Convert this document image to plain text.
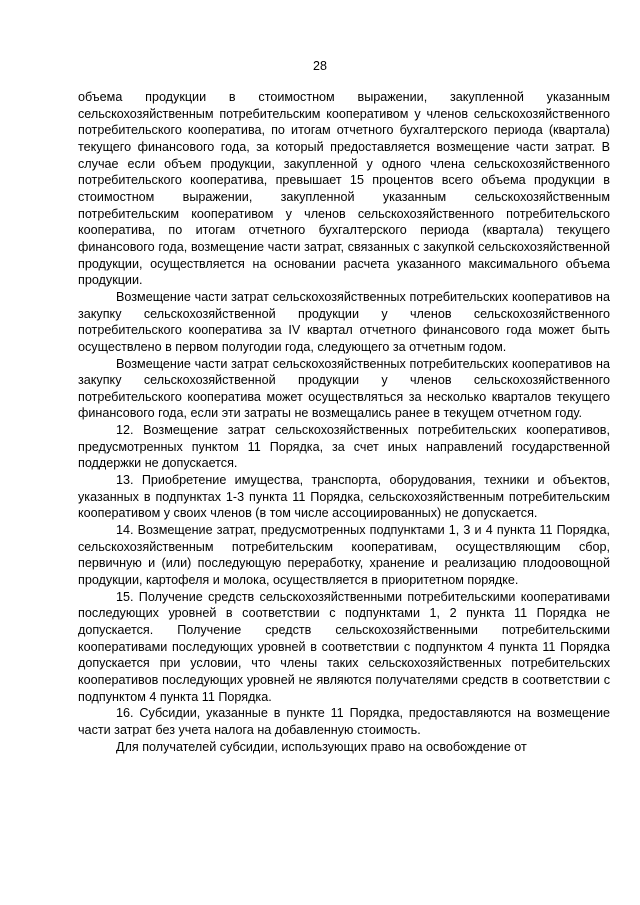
28

объема продукции в стоимостном выражении, закупленной указанным сельскохозяйственным потребительским кооперативом у членов сельскохозяйственного потребительского кооператива, по итогам отчетного бухгалтерского периода (квартала) текущего финансового года, за который предоставляется возмещение части затрат. В случае если объем продукции, закупленной у одного члена сельскохозяйственного потребительского кооператива, превышает 15 процентов всего объема продукции в стоимостном выражении, закупленной указанным сельскохозяйственным потребительским кооперативом у членов сельскохозяйственного потребительского кооператива, по итогам отчетного бухгалтерского периода (квартала) текущего финансового года, возмещение части затрат, связанных с закупкой сельскохозяйственной продукции, осуществляется на основании расчета указанного максимального объема продукции.

Возмещение части затрат сельскохозяйственных потребительских кооперативов на закупку сельскохозяйственной продукции у членов сельскохозяйственного потребительского кооператива за IV квартал отчетного финансового года может быть осуществлено в первом полугодии года, следующего за отчетным годом.

Возмещение части затрат сельскохозяйственных потребительских кооперативов на закупку сельскохозяйственной продукции у членов сельскохозяйственного потребительского кооператива может осуществляться за несколько кварталов текущего финансового года, если эти затраты не возмещались ранее в текущем отчетном году.

12. Возмещение затрат сельскохозяйственных потребительских кооперативов, предусмотренных пунктом 11 Порядка, за счет иных направлений государственной поддержки не допускается.

13. Приобретение имущества, транспорта, оборудования, техники и объектов, указанных в подпунктах 1-3 пункта 11 Порядка, сельскохозяйственным потребительским кооперативом у своих членов (в том числе ассоциированных) не допускается.

14. Возмещение затрат, предусмотренных подпунктами 1, 3 и 4 пункта 11 Порядка, сельскохозяйственным потребительским кооперативам, осуществляющим сбор, первичную и (или) последующую переработку, хранение и реализацию плодоовощной продукции, картофеля и молока, осуществляется в приоритетном порядке.

15. Получение средств сельскохозяйственными потребительскими кооперативами последующих уровней в соответствии с подпунктами 1, 2 пункта 11 Порядка не допускается. Получение средств сельскохозяйственными потребительскими кооперативами последующих уровней в соответствии с подпунктом 4 пункта 11 Порядка допускается при условии, что члены таких сельскохозяйственных потребительских кооперативов последующих уровней не являются получателями средств в соответствии с подпунктом 4 пункта 11 Порядка.

16. Субсидии, указанные в пункте 11 Порядка, предоставляются на возмещение части затрат без учета налога на добавленную стоимость.

Для получателей субсидии, использующих право на освобождение от
